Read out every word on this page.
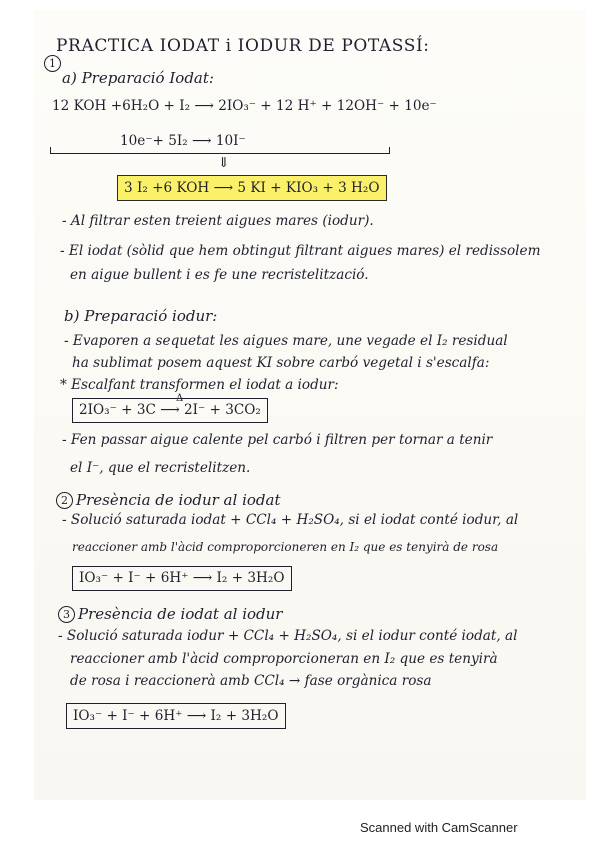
PRACTICA IODAT i IODUR DE POTASSÍ:
1
a) Preparació Iodat:
12 KOH +6H₂O + I₂ ⟶ 2IO₃⁻ + 12 H⁺ + 12OH⁻ + 10e⁻
10e⁻+ 5I₂ ⟶ 10I⁻
⇓
3 I₂ +6 KOH ⟶ 5 KI + KIO₃ + 3 H₂O
- Al filtrar esten treient aigues mares (iodur).
- El iodat (sòlid que hem obtingut filtrant aigues mares) el redissolem
en aigue bullent i es fe une recristelització.
b) Preparació iodur:
- Evaporen a sequetat les aigues mare, une vegade el I₂ residual
ha sublimat posem aquest KI sobre carbó vegetal i s'escalfa:
* Escalfant transformen el iodat a iodur:
2IO₃⁻ + 3C ⟶ 2I⁻ + 3CO₂
Δ
- Fen passar aigue calente pel carbó i filtren per tornar a tenir
el I⁻, que el recristelitzen.
2 Presència de iodur al iodat
- Solució saturada iodat + CCl₄ + H₂SO₄, si el iodat conté iodur, al
reaccioner amb l'àcid comproporcioneren en I₂ que es tenyirà de rosa
IO₃⁻ + I⁻ + 6H⁺ ⟶ I₂ + 3H₂O
3 Presència de iodat al iodur
- Solució saturada iodur + CCl₄ + H₂SO₄, si el iodur conté iodat, al
reaccioner amb l'àcid comproporcioneran en I₂ que es tenyirà
de rosa i reaccionerà amb CCl₄ → fase orgànica rosa
IO₃⁻ + I⁻ + 6H⁺ ⟶ I₂ + 3H₂O
Scanned with CamScanner
